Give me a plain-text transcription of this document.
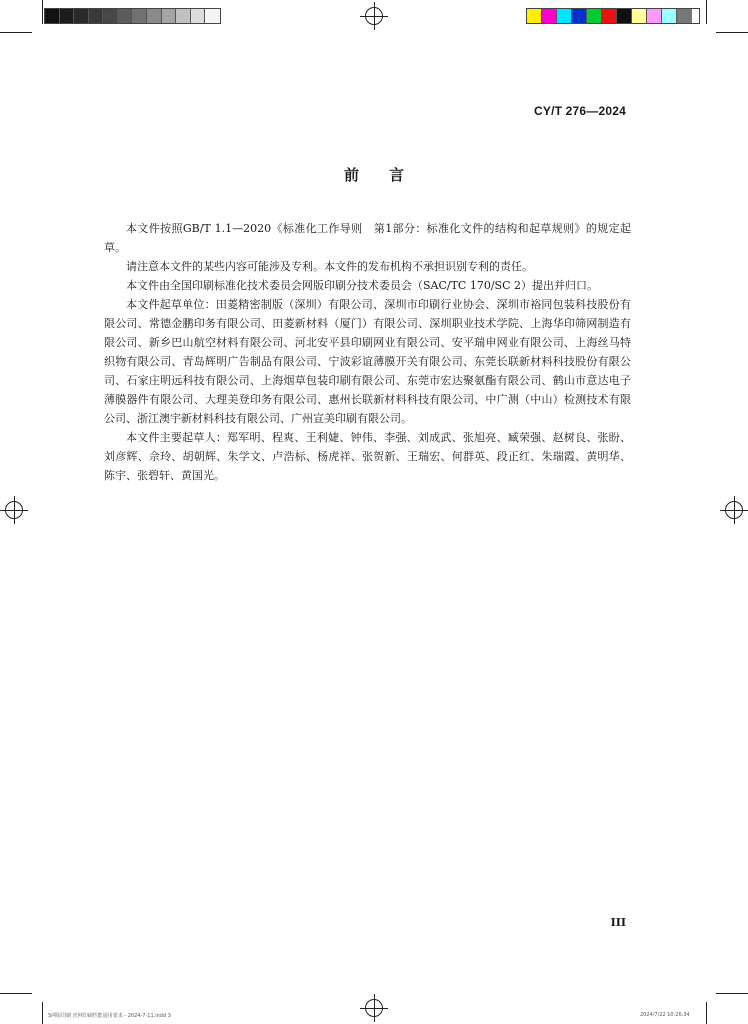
CY/T 276—2024
前言

本文件按照GB/T 1.1—2020《标准化工作导则　第1部分：标准化文件的结构和起草规则》的规定起草。

请注意本文件的某些内容可能涉及专利。本文件的发布机构不承担识别专利的责任。

本文件由全国印刷标准化技术委员会网版印刷分技术委员会（SAC/TC 170/SC 2）提出并归口。

本文件起草单位：田菱精密制版（深圳）有限公司、深圳市印刷行业协会、深圳市裕同包装科技股份有限公司、常德金鹏印务有限公司、田菱新材料（厦门）有限公司、深圳职业技术学院、上海华印筛网制造有限公司、新乡巴山航空材料有限公司、河北安平县印刷网业有限公司、安平瑞申网业有限公司、上海丝马特织物有限公司、青岛辉明广告制品有限公司、宁波彩谊薄膜开关有限公司、东莞长联新材料科技股份有限公司、石家庄明远科技有限公司、上海烟草包装印刷有限公司、东莞市宏达聚氨酯有限公司、鹤山市意达电子薄膜器件有限公司、大理美登印务有限公司、惠州长联新材料科技有限公司、中广测（中山）检测技术有限公司、浙江澳宇新材料科技有限公司、广州宣美印刷有限公司。

本文件主要起草人：郑军明、程爽、王利婕、钟伟、李强、刘成武、张旭亮、臧荣强、赵树良、张盼、刘彦辉、佘玲、胡朝辉、朱学文、卢浩标、杨虎祥、张贺新、王瑞宏、何群英、段正红、朱瑞霞、黄明华、陈宇、张碧轩、黄国光。

III
S网版印刷 丝网印刷性能通用要求－2024-7-11.indd 3	2024/7/22 10:26:34
